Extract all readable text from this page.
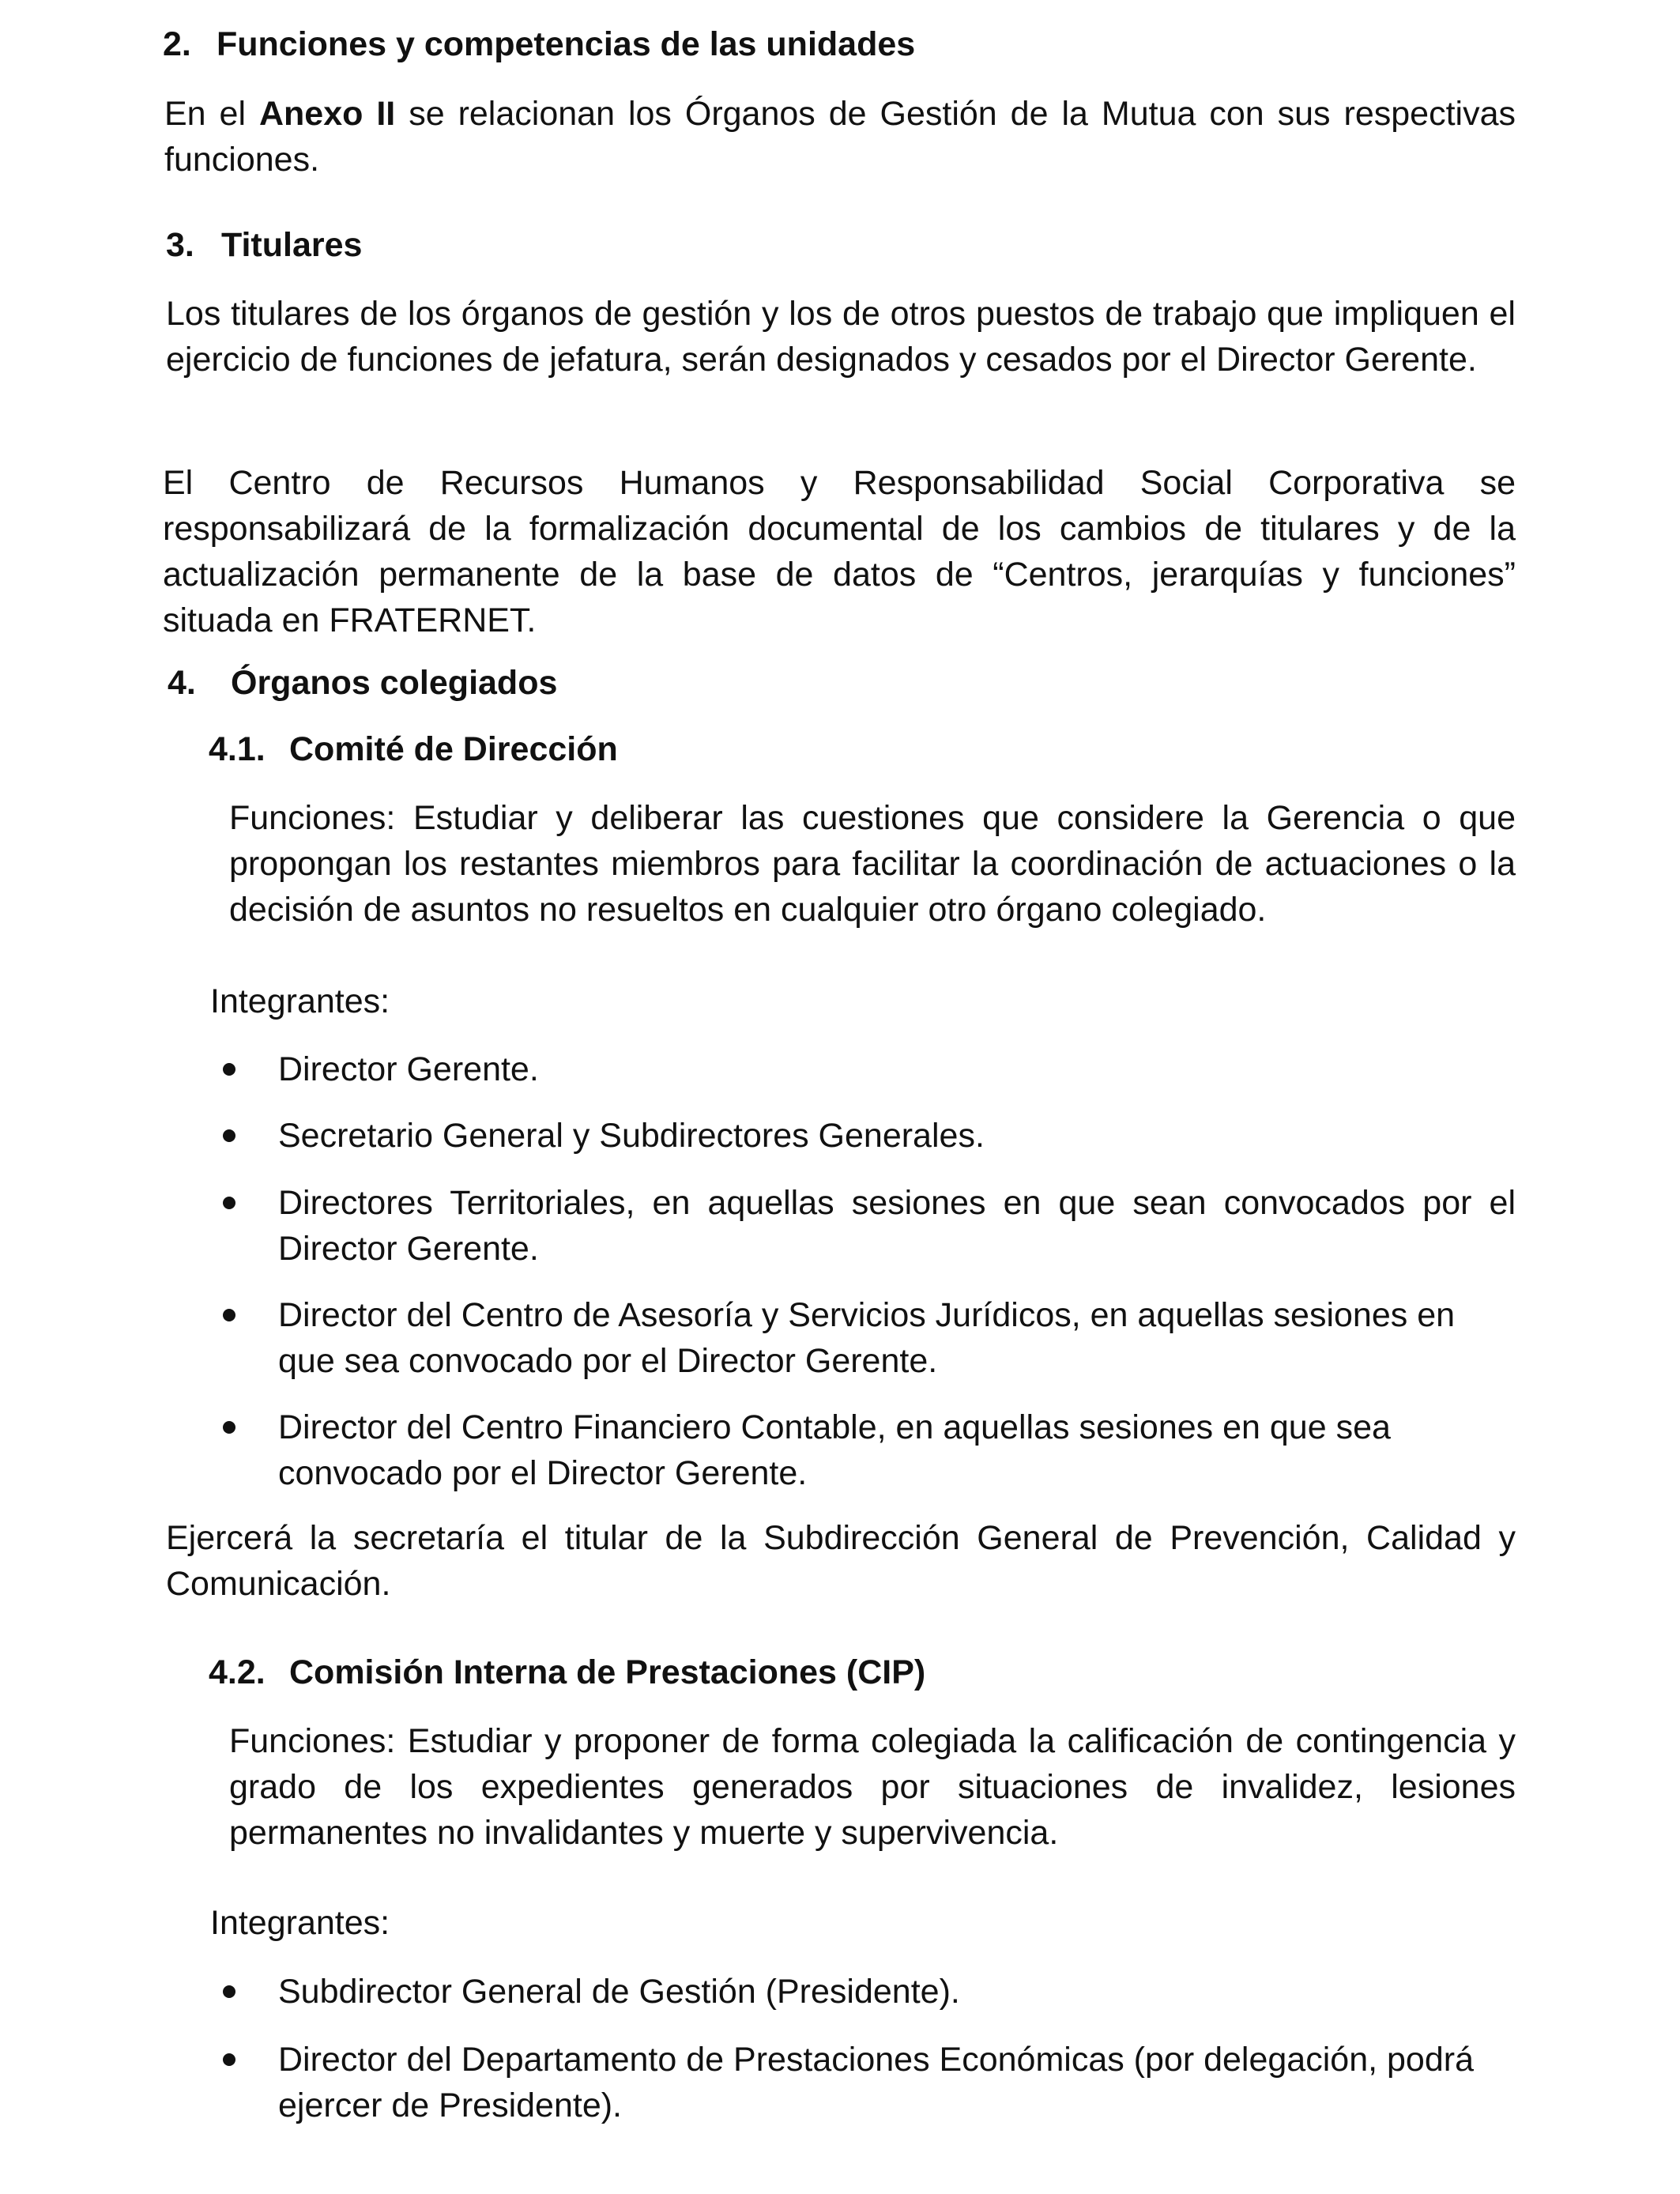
2. Funciones y competencias de las unidades
En el Anexo II se relacionan los Órganos de Gestión de la Mutua con sus respectivas funciones.
3. Titulares
Los titulares de los órganos de gestión y los de otros puestos de trabajo que impliquen el ejercicio de funciones de jefatura, serán designados y cesados por el Director Gerente.
El Centro de Recursos Humanos y Responsabilidad Social Corporativa se responsabilizará de la formalización documental de los cambios de titulares y de la actualización permanente de la base de datos de “Centros, jerarquías y funciones” situada en FRATERNET.
4. Órganos colegiados
4.1. Comité de Dirección
Funciones: Estudiar y deliberar las cuestiones que considere la Gerencia o que propongan los restantes miembros para facilitar la coordinación de actuaciones o la decisión de asuntos no resueltos en cualquier otro órgano colegiado.
Integrantes:
Director Gerente.
Secretario General y Subdirectores Generales.
Directores Territoriales, en aquellas sesiones en que sean convocados por el Director Gerente.
Director del Centro de Asesoría y Servicios Jurídicos, en aquellas sesiones en que sea convocado por el Director Gerente.
Director del Centro Financiero Contable, en aquellas sesiones en que sea convocado por el Director Gerente.
Ejercerá la secretaría el titular de la Subdirección General de Prevención, Calidad y Comunicación.
4.2. Comisión Interna de Prestaciones (CIP)
Funciones: Estudiar y proponer de forma colegiada la calificación de contingencia y grado de los expedientes generados por situaciones de invalidez, lesiones permanentes no invalidantes y muerte y supervivencia.
Integrantes:
Subdirector General de Gestión (Presidente).
Director del Departamento de Prestaciones Económicas (por delegación, podrá ejercer de Presidente).
